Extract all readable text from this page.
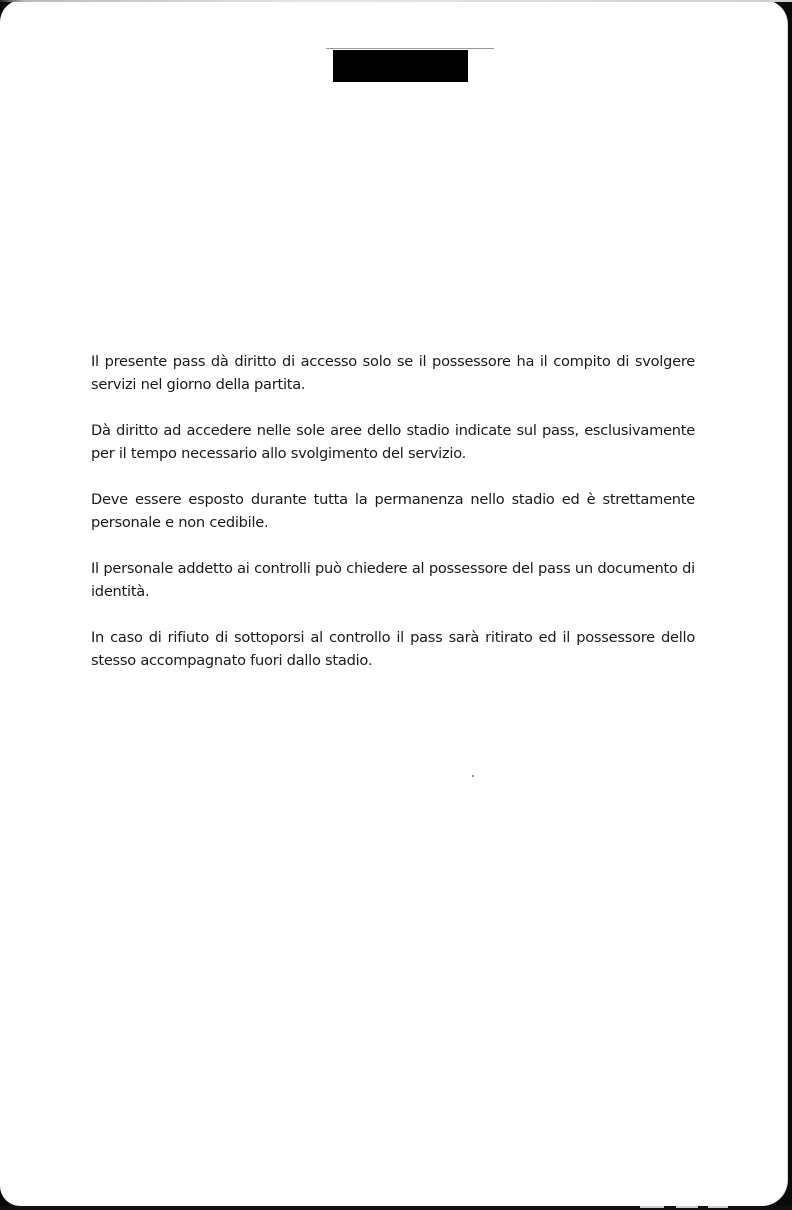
Il presente pass dà diritto di accesso solo se il possessore ha il compito di svolgere servizi nel giorno della partita.

Dà diritto ad accedere nelle sole aree dello stadio indicate sul pass, esclusivamente per il tempo necessario allo svolgimento del servizio.

Deve essere esposto durante tutta la permanenza nello stadio ed è strettamente personale e non cedibile.

Il personale addetto ai controlli può chiedere al possessore del pass un documento di identità.

In caso di rifiuto di sottoporsi al controllo il pass sarà ritirato ed il possessore dello stesso accompagnato fuori dallo stadio.
